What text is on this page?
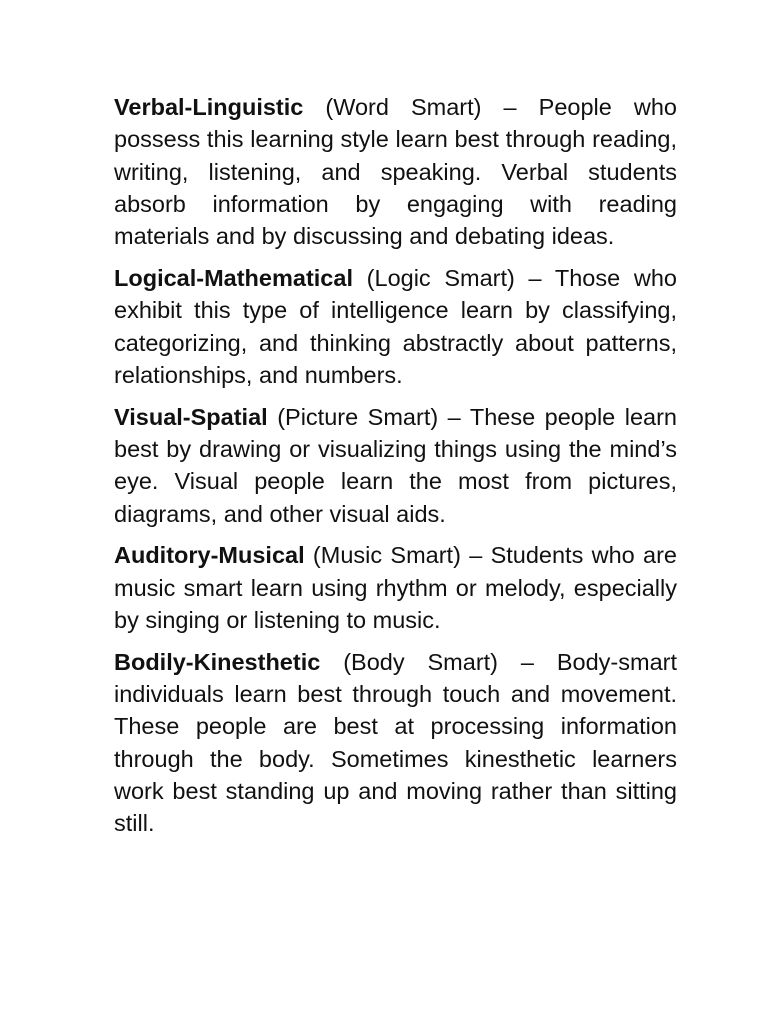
Verbal-Linguistic (Word Smart) – People who possess this learning style learn best through reading, writing, listening, and speaking. Verbal students absorb information by engaging with reading materials and by discussing and debating ideas.

Logical-Mathematical (Logic Smart) – Those who exhibit this type of intelligence learn by classifying, categorizing, and thinking abstractly about patterns, relationships, and numbers.

Visual-Spatial (Picture Smart) – These people learn best by drawing or visualizing things using the mind’s eye. Visual people learn the most from pictures, diagrams, and other visual aids.

Auditory-Musical (Music Smart) – Students who are music smart learn using rhythm or melody, especially by singing or listening to music.

Bodily-Kinesthetic (Body Smart) – Body-smart individuals learn best through touch and movement. These people are best at processing information through the body. Sometimes kinesthetic learners work best standing up and moving rather than sitting still.
